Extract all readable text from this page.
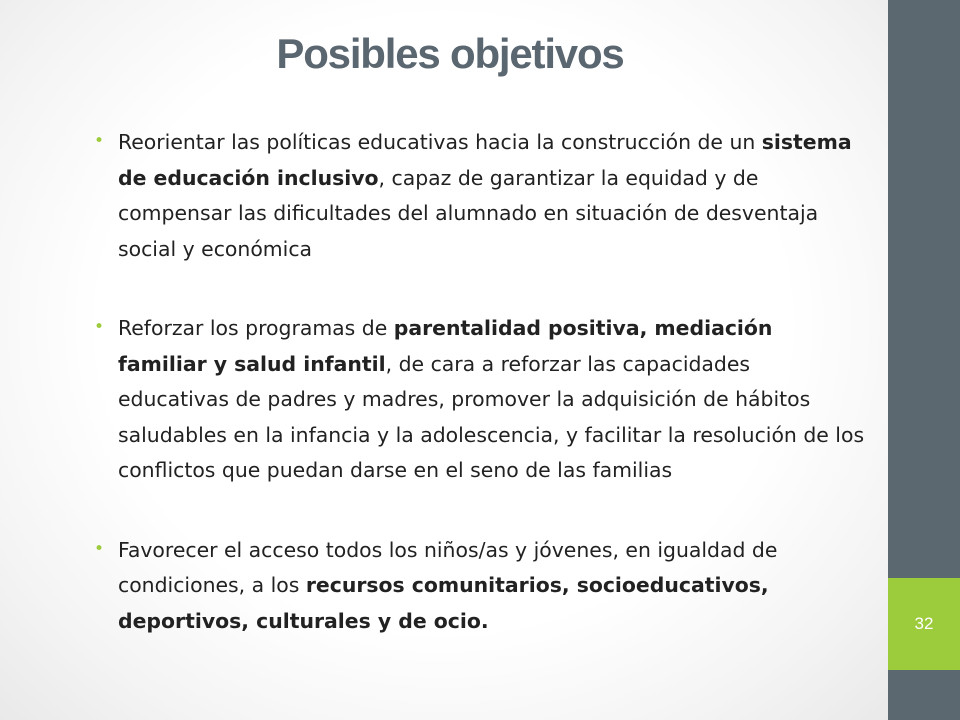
Posibles objetivos
• Reorientar las políticas educativas hacia la construcción de un sistema de educación inclusivo, capaz de garantizar la equidad y de compensar las dificultades del alumnado en situación de desventaja social y económica
• Reforzar los programas de parentalidad positiva, mediación familiar y salud infantil, de cara a reforzar las capacidades educativas de padres y madres, promover la adquisición de hábitos saludables en la infancia y la adolescencia, y facilitar la resolución de los conflictos que puedan darse en el seno de las familias
• Favorecer el acceso todos los niños/as y jóvenes, en igualdad de condiciones, a los recursos comunitarios, socioeducativos, deportivos, culturales y de ocio.	32
